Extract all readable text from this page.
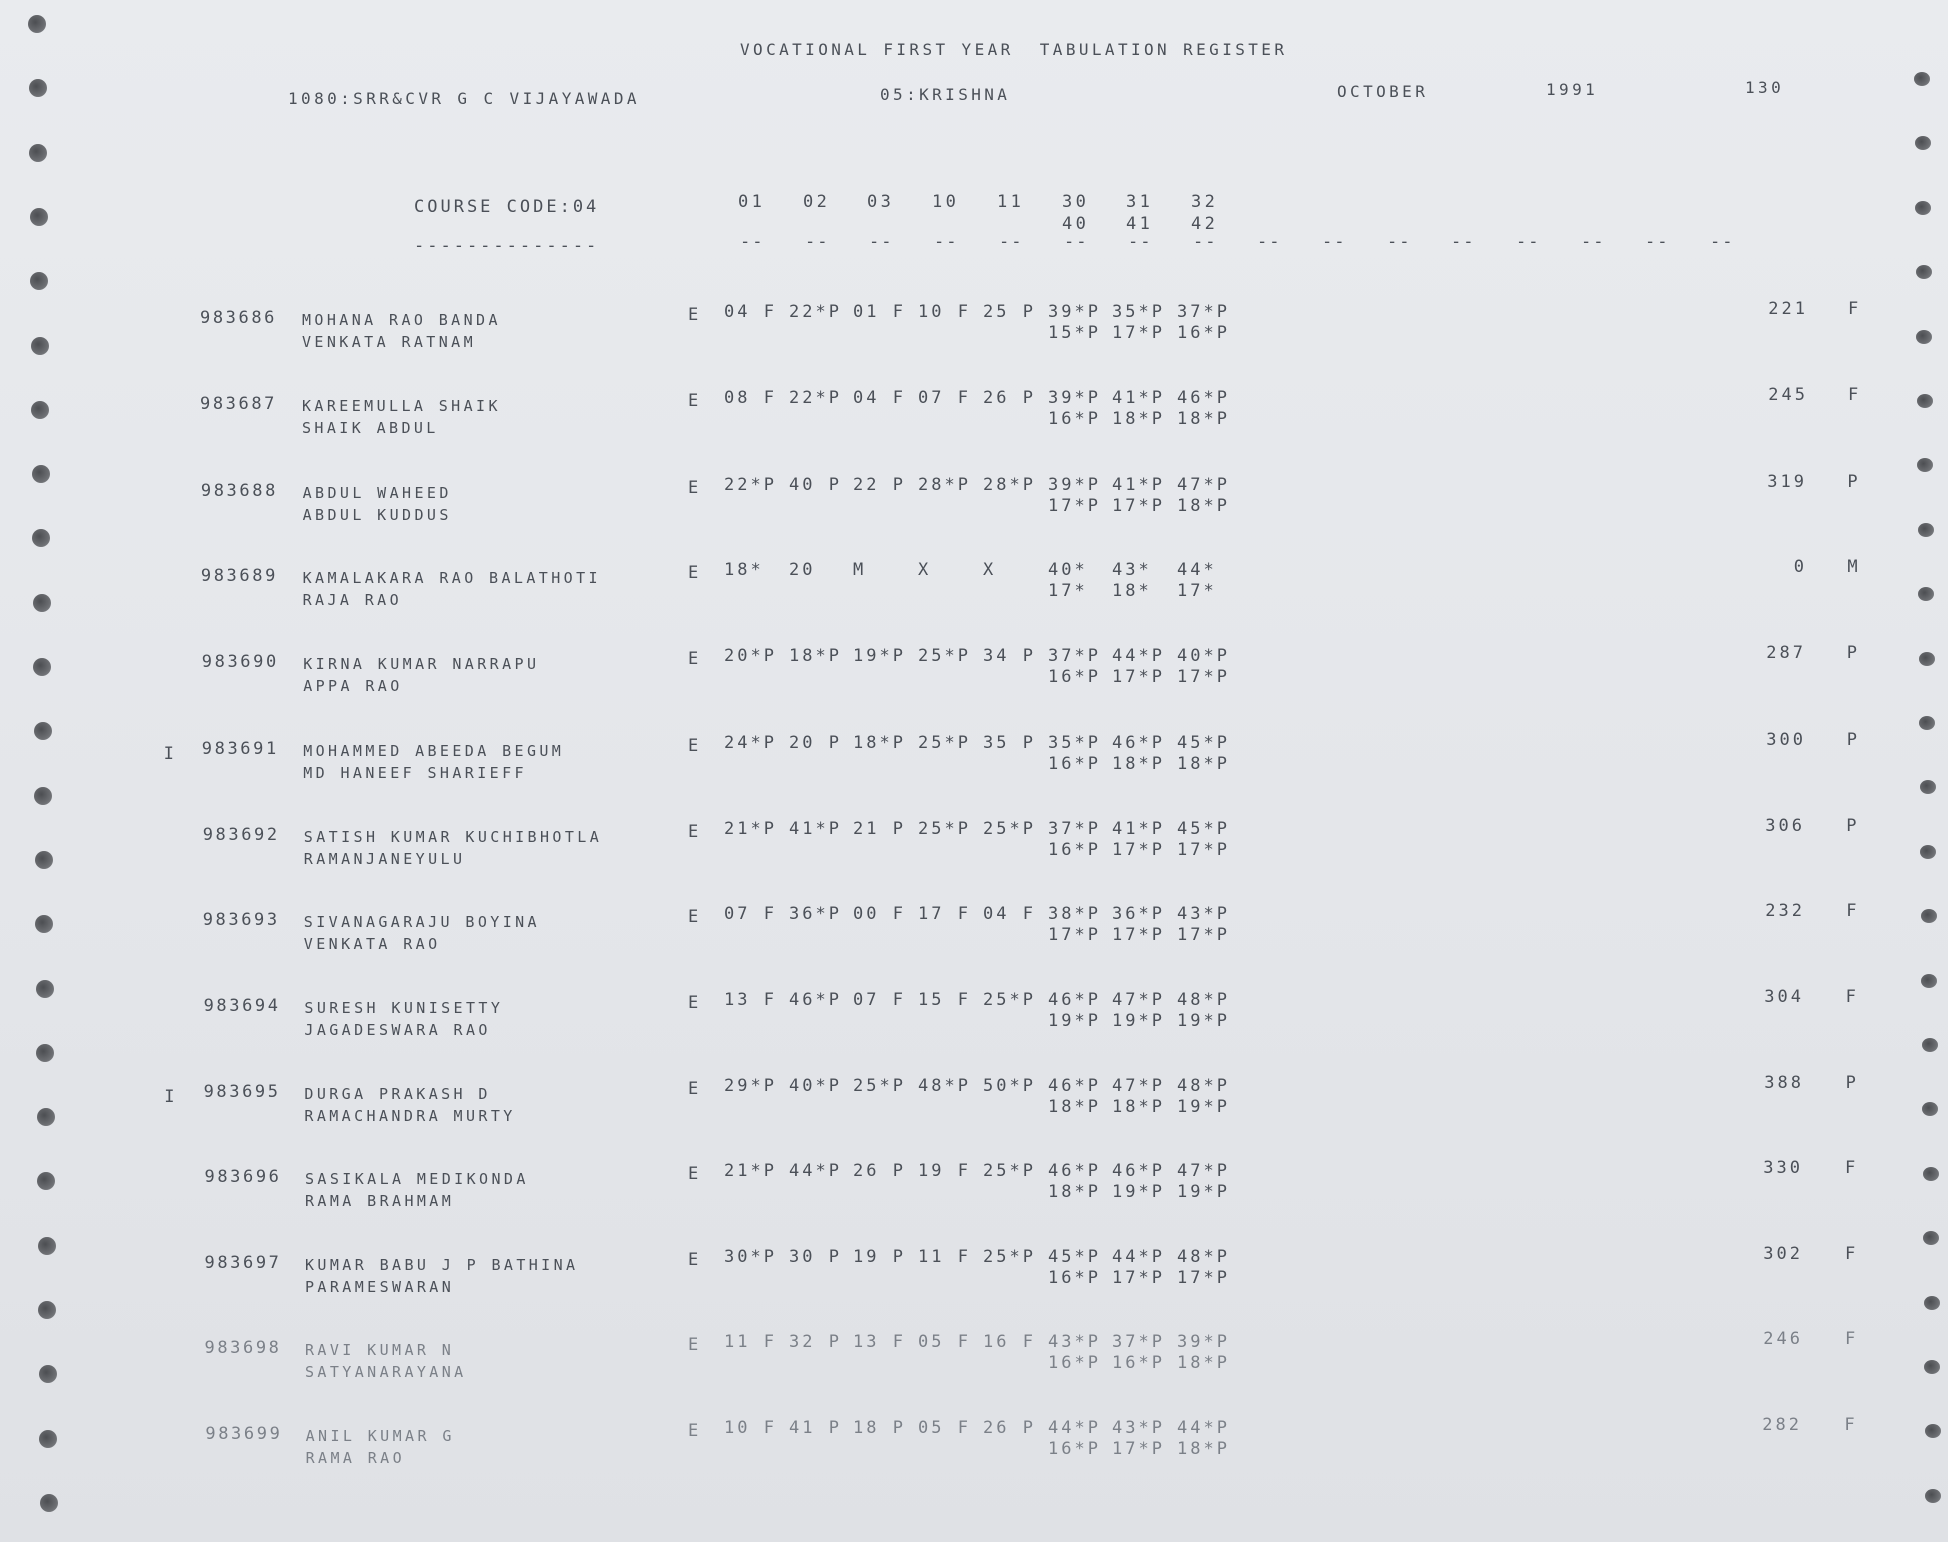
VOCATIONAL FIRST YEAR  TABULATION REGISTER
1080:SRR&CVR G C VIJAYAWADA	05:KRISHNA	OCTOBER	1991	130
COURSE CODE:04
--------------
01 02 03 10 11 30 31 32
40 41 42
-- -- -- -- -- -- -- -- -- -- -- -- -- -- -- --
983686 MOHANA RAO BANDA
VENKATA RATNAM
E 04 F 22*P 01 F 10 F 25 P 39*P 35*P 37*P
15*P 17*P 16*P
221 F
983687 KAREEMULLA SHAIK
SHAIK ABDUL
E 08 F 22*P 04 F 07 F 26 P 39*P 41*P 46*P
16*P 18*P 18*P
245 F
983688 ABDUL WAHEED
ABDUL KUDDUS
E 22*P 40 P 22 P 28*P 28*P 39*P 41*P 47*P
17*P 17*P 18*P
319 P
983689 KAMALAKARA RAO BALATHOTI
RAJA RAO
E 18* 20 M	X	X	40* 43* 44*
17* 18* 17*
0 M
983690 KIRNA KUMAR NARRAPU
APPA RAO
E 20*P 18*P 19*P 25*P 34 P 37*P 44*P 40*P
16*P 17*P 17*P
287 P
I 983691 MOHAMMED ABEEDA BEGUM
MD HANEEF SHARIEFF
E 24*P 20 P 18*P 25*P 35 P 35*P 46*P 45*P
16*P 18*P 18*P
300 P
983692 SATISH KUMAR KUCHIBHOTLA
RAMANJANEYULU
E 21*P 41*P 21 P 25*P 25*P 37*P 41*P 45*P
16*P 17*P 17*P
306 P
983693 SIVANAGARAJU BOYINA
VENKATA RAO
E 07 F 36*P 00 F 17 F 04 F 38*P 36*P 43*P
17*P 17*P 17*P
232 F
983694 SURESH KUNISETTY
JAGADESWARA RAO
E 13 F 46*P 07 F 15 F 25*P 46*P 47*P 48*P
19*P 19*P 19*P
304 F
I 983695 DURGA PRAKASH D
RAMACHANDRA MURTY
E 29*P 40*P 25*P 48*P 50*P 46*P 47*P 48*P
18*P 18*P 19*P
388 P
983696 SASIKALA MEDIKONDA
RAMA BRAHMAM
E 21*P 44*P 26 P 19 F 25*P 46*P 46*P 47*P
18*P 19*P 19*P
330 F
983697 KUMAR BABU J P BATHINA
PARAMESWARAN
E 30*P 30 P 19 P 11 F 25*P 45*P 44*P 48*P
16*P 17*P 17*P
302 F
983698 RAVI KUMAR N
SATYANARAYANA
E 11 F 32 P 13 F 05 F 16 F 43*P 37*P 39*P
16*P 16*P 18*P
246 F
983699 ANIL KUMAR G
RAMA RAO
E 10 F 41 P 18 P 05 F 26 P 44*P 43*P 44*P
16*P 17*P 18*P
282 F
